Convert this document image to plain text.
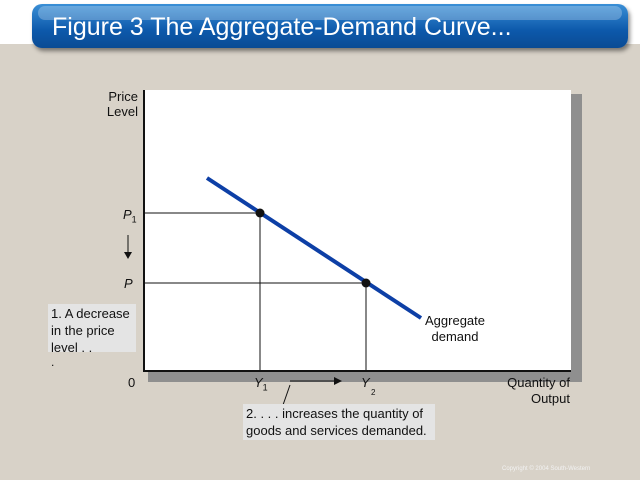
Figure 3 The Aggregate-Demand Curve...
Price
Level
Quantity of
Output
0
$P_1$
P
$Y_1$	Y
2
Aggregate
demand
1. A decrease
in the price
level . .
.
2. . . . increases the quantity of
goods and services demanded.
Copyright © 2004 South-Western
